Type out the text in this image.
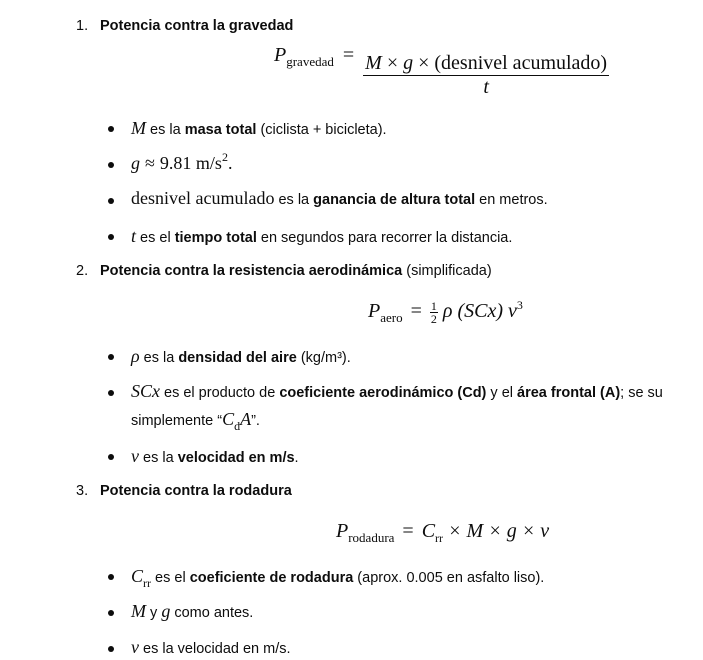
1. Potencia contra la gravedad
$P_{gravedad} = \frac{\text{M × g × (desnivel acumulado)}}{t}$
M es la masa total (ciclista + bicicleta).
g ≈ 9.81 $m/s^2$.
desnivel acumulado es la ganancia de altura total en metros.
t es el tiempo total en segundos para recorrer la distancia.
2. Potencia contra la resistencia aerodinámica (simplificada)
$P_{aero} = \frac{1}{2}$ ρ (SCx) $v^3$
ρ es la densidad del aire (kg/m³).
SCx es el producto de coeficiente aerodinámico (Cd) y el área frontal (A); se su
simplemente “$C_dA$”.
v es la velocidad en m/s.
3. Potencia contra la rodadura
$P_{rodadura} = C_{rr} \times M \times g \times v$
$C_{rr}$ es el coeficiente de rodadura (aprox. 0.005 en asfalto liso).
M y g como antes.
v es la velocidad en m/s.
